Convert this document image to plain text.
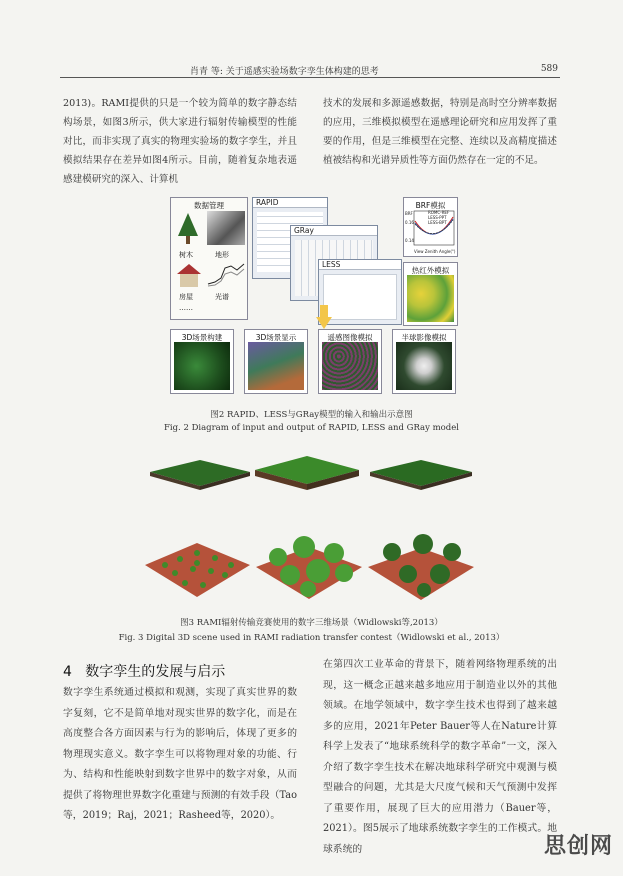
肖青 等: 关于遥感实验场数字孪生体构建的思考	589
2013)。RAMI提供的只是一个较为简单的数字静态结构场景，如图3所示，供大家进行辐射传输模型的性能对比，而非实现了真实的物理实验场的数字孪生，并且模拟结果存在差异如图4所示。目前，随着复杂地表遥感建模研究的深入、计算机
技术的发展和多源遥感数据，特别是高时空分辨率数据的应用，三维模拟模型在遥感理论研究和应用发挥了重要的作用，但是三维模型在完整、连续以及高精度描述植被结构和光谱异质性等方面仍然存在一定的不足。
数据管理
树木	地形
房屋	光谱
……
RAPID
GRay
LESS
BRF模拟
ROMC-REF
LESS-PPT
LESS-BPT
BRF
0.16
0.14
View Zenith Angle(°)
热红外模拟
3D场景构建	3D场景显示	遥感图像模拟	半球影像模拟
图2 RAPID、LESS与GRay模型的输入和输出示意图
Fig. 2 Diagram of input and output of RAPID, LESS and GRay model
图3 RAMI辐射传输竞赛使用的数字三维场景（Widlowski等,2013）
Fig. 3 Digital 3D scene used in RAMI radiation transfer contest（Widlowski et al., 2013）
4 数字孪生的发展与启示
数字孪生系统通过模拟和观测，实现了真实世界的数字复刻，它不是简单地对现实世界的数字化，而是在高度整合各方面因素与行为的影响后，体现了更多的物理现实意义。数字孪生可以将物理对象的功能、行为、结构和性能映射到数字世界中的数字对象，从而提供了将物理世界数字化重建与预测的有效手段（Tao等，2019；Raj，2021；Rasheed等，2020）。
在第四次工业革命的背景下，随着网络物理系统的出现，这一概念正越来越多地应用于制造业以外的其他领域。在地学领域中，数字孪生技术也得到了越来越多的应用，2021年Peter Bauer等人在Nature计算科学上发表了“地球系统科学的数字革命”一文，深入介绍了数字孪生技术在解决地球科学研究中观测与模型融合的问题，尤其是大尺度气候和天气预测中发挥了重要作用，展现了巨大的应用潜力（Bauer等，2021）。图5展示了地球系统数字孪生的工作模式。地球系统的	思创网
